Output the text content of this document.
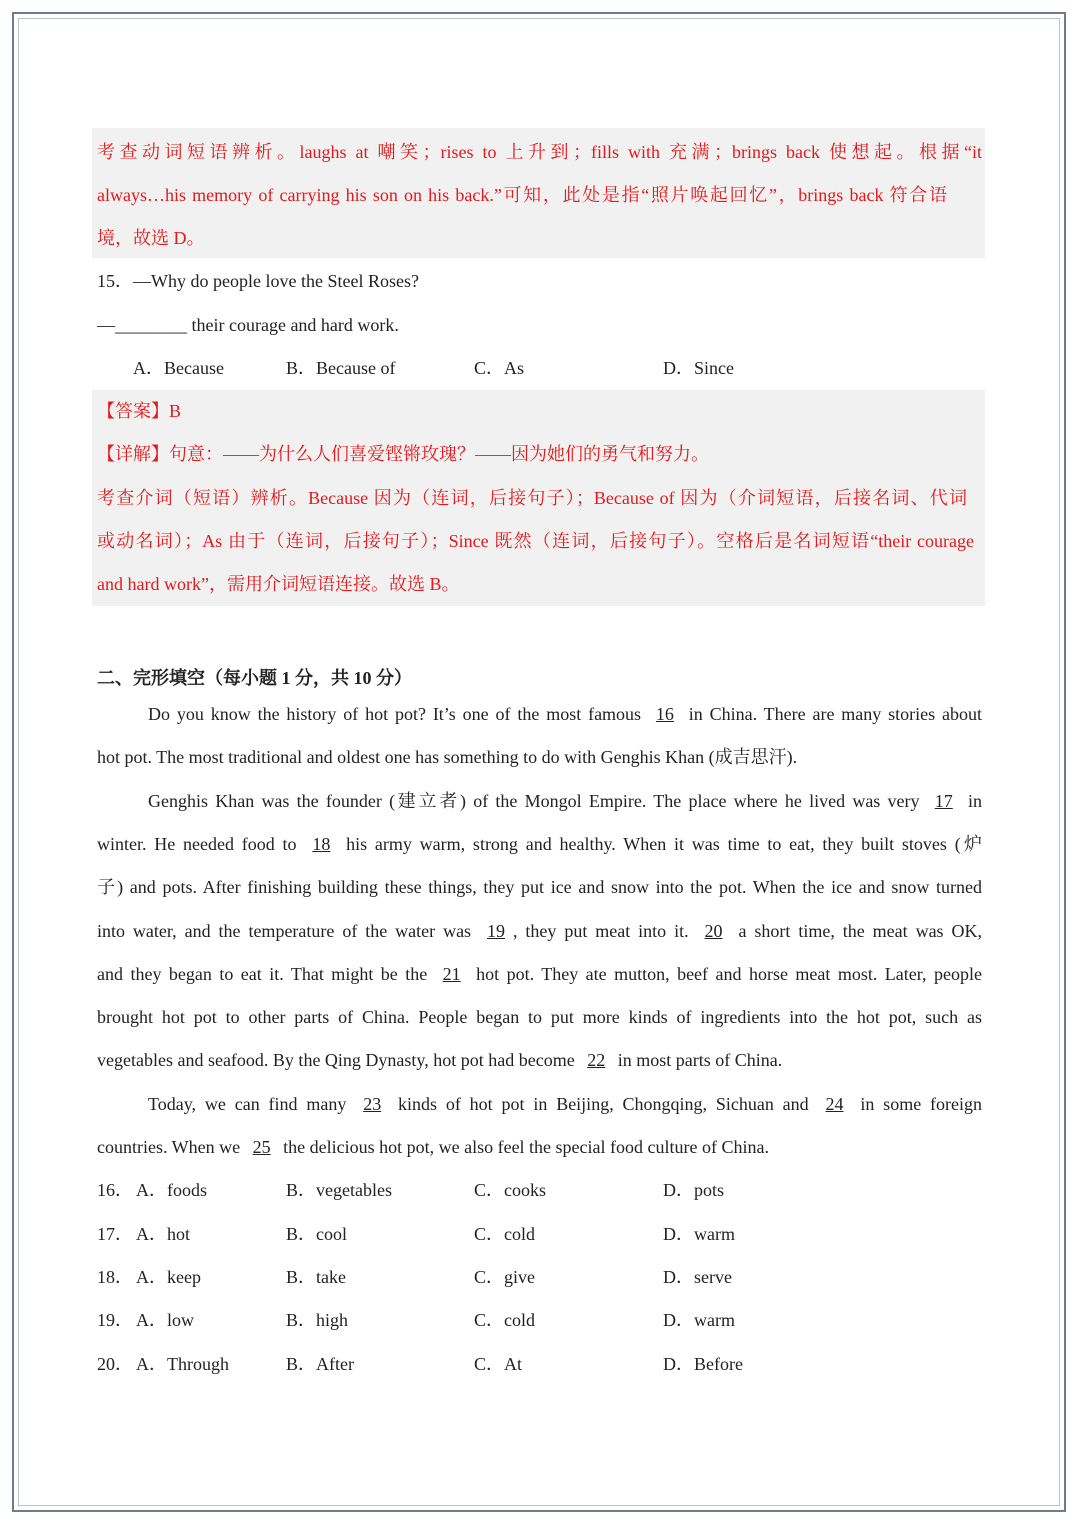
考查动词短语辨析。laughs at 嘲笑；rises to 上升到；fills with 充满；brings back 使想起。根据“it
always…his memory of carrying his son on his back.”可知，此处是指“照片唤起回忆”，brings back 符合语
境，故选 D。
15．—Why do people love the Steel Roses?
—________ their courage and hard work.
A．Because	B．Because of	C．As	D．Since
【答案】B
【详解】句意：——为什么人们喜爱铿锵玫瑰？——因为她们的勇气和努力。
考查介词（短语）辨析。Because 因为（连词，后接句子）；Because of 因为（介词短语，后接名词、代词
或动名词）；As 由于（连词，后接句子）；Since 既然（连词，后接句子）。空格后是名词短语“their courage
and hard work”，需用介词短语连接。故选 B。
二、完形填空（每小题 1 分，共 10 分）
Do you know the history of hot pot? It’s one of the most famous 16 in China. There are many stories about
hot pot. The most traditional and oldest one has something to do with Genghis Khan (成吉思汗).
Genghis Khan was the founder (建立者) of the Mongol Empire. The place where he lived was very 17 in
winter. He needed food to 18 his army warm, strong and healthy. When it was time to eat, they built stoves (炉
子) and pots. After finishing building these things, they put ice and snow into the pot. When the ice and snow turned
into water, and the temperature of the water was 19 , they put meat into it. 20 a short time, the meat was OK,
and they began to eat it. That might be the 21 hot pot. They ate mutton, beef and horse meat most. Later, people
brought hot pot to other parts of China. People began to put more kinds of ingredients into the hot pot, such as
vegetables and seafood. By the Qing Dynasty, hot pot had become 22 in most parts of China.
Today, we can find many 23 kinds of hot pot in Beijing, Chongqing, Sichuan and 24 in some foreign
countries. When we 25 the delicious hot pot, we also feel the special food culture of China.
16． A．foods	B．vegetables	C．cooks	D．pots
17． A．hot	B．cool	C．cold	D．warm
18． A．keep	B．take	C．give	D．serve
19． A．low	B．high	C．cold	D．warm
20． A．Through	B．After	C．At	D．Before
